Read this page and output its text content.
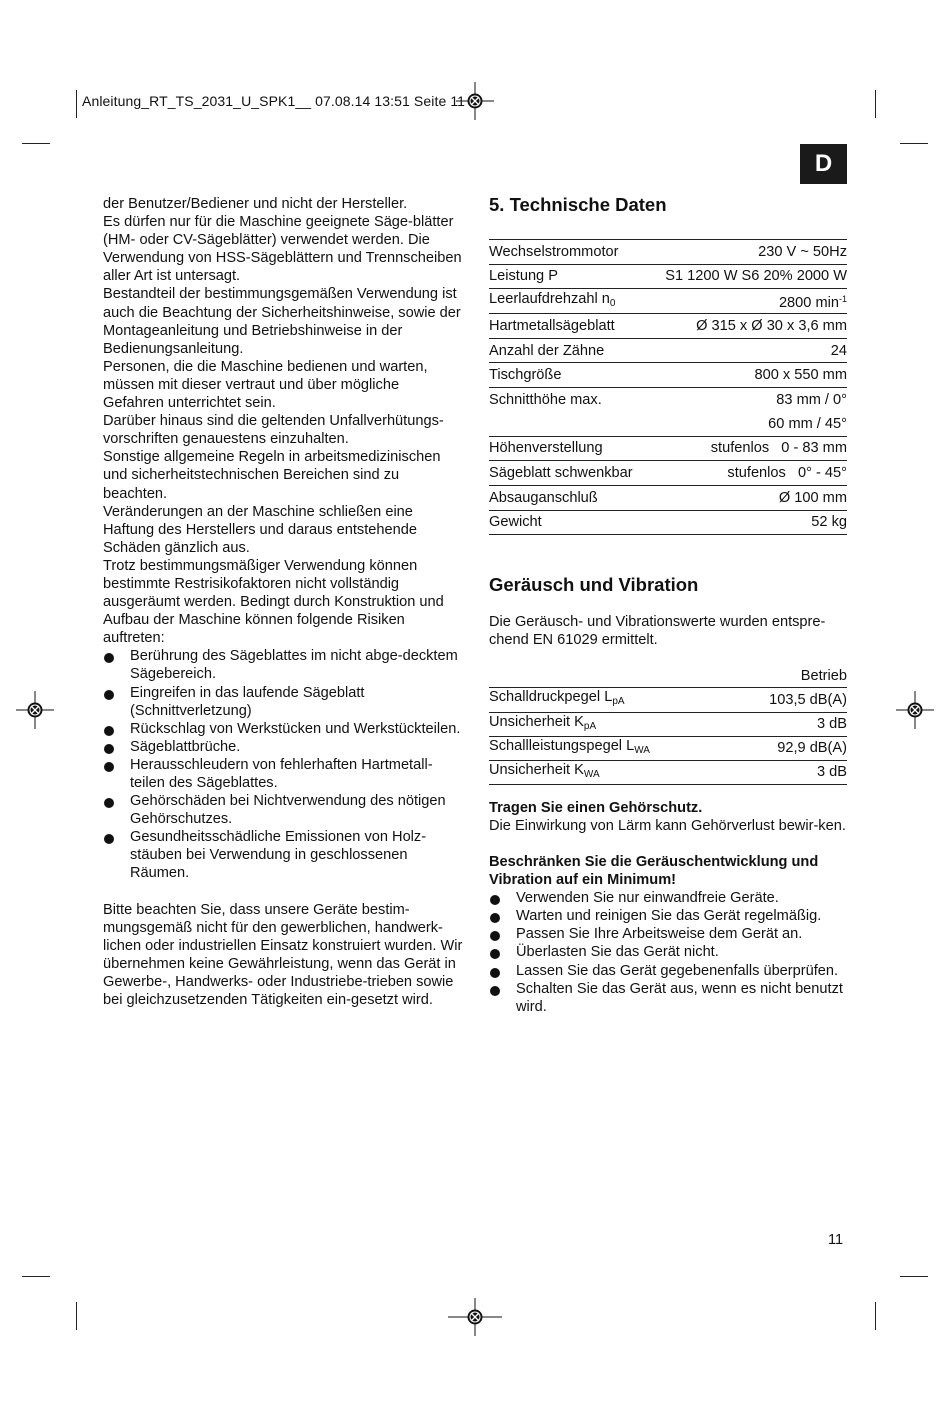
Anleitung_RT_TS_2031_U_SPK1__ 07.08.14 13:51 Seite 11
D

der Benutzer/Bediener und nicht der Hersteller.

Es dürfen nur für die Maschine geeignete Säge-blätter (HM- oder CV-Sägeblätter) verwendet werden. Die Verwendung von HSS-Sägeblättern und Trennscheiben aller Art ist untersagt.

Bestandteil der bestimmungsgemäßen Verwendung ist auch die Beachtung der Sicherheitshinweise, sowie der Montageanleitung und Betriebshinweise in der Bedienungsanleitung.

Personen, die die Maschine bedienen und warten, müssen mit dieser vertraut und über mögliche Gefahren unterrichtet sein.

Darüber hinaus sind die geltenden Unfallverhütungs-vorschriften genauestens einzuhalten.

Sonstige allgemeine Regeln in arbeitsmedizinischen und sicherheitstechnischen Bereichen sind zu beachten.

Veränderungen an der Maschine schließen eine Haftung des Herstellers und daraus entstehende Schäden gänzlich aus.

Trotz bestimmungsmäßiger Verwendung können bestimmte Restrisikofaktoren nicht vollständig ausgeräumt werden. Bedingt durch Konstruktion und Aufbau der Maschine können folgende Risiken auftreten:

Berührung des Sägeblattes im nicht abge-decktem Sägebereich.
Eingreifen in das laufende Sägeblatt (Schnittverletzung)
Rückschlag von Werkstücken und Werkstückteilen.
Sägeblattbrüche.
Herausschleudern von fehlerhaften Hartmetall-teilen des Sägeblattes.
Gehörschäden bei Nichtverwendung des nötigen Gehörschutzes.
Gesundheitsschädliche Emissionen von Holz-stäuben bei Verwendung in geschlossenen Räumen.

Bitte beachten Sie, dass unsere Geräte bestim-mungsgemäß nicht für den gewerblichen, handwerk-lichen oder industriellen Einsatz konstruiert wurden. Wir übernehmen keine Gewährleistung, wenn das Gerät in Gewerbe-, Handwerks- oder Industriebe-trieben sowie bei gleichzusetzenden Tätigkeiten ein-gesetzt wird.

5. Technische Daten
Wechselstrommotor	230 V ~ 50Hz
Leistung P	S1 1200 W S6 20% 2000 W
Leerlaufdrehzahl $n_0$	2800 $\min^{-1}$
Hartmetallsägeblatt	Ø 315 x Ø 30 x 3,6 mm
Anzahl der Zähne	24
Tischgröße	800 x 550 mm
Schnitthöhe max.	83 mm / 0°
	60 mm / 45°
Höhenverstellung	stufenlos   0 - 83 mm
Sägeblatt schwenkbar	stufenlos   0° - 45°
Absauganschluß	Ø 100 mm
Gewicht	52 kg
Geräusch und Vibration

Die Geräusch- und Vibrationswerte wurden entspre-chend EN 61029 ermittelt.

	Betrieb
Schalldruckpegel $L_{pA}$	103,5 dB(A)
Unsicherheit $K_{pA}$	3 dB
Schallleistungspegel $L_{WA}$	92,9 dB(A)
Unsicherheit $K_{WA}$	3 dB

Tragen Sie einen Gehörschutz.

Die Einwirkung von Lärm kann Gehörverlust bewir-ken.

Beschränken Sie die Geräuschentwicklung und Vibration auf ein Minimum!

Verwenden Sie nur einwandfreie Geräte.
Warten und reinigen Sie das Gerät regelmäßig.
Passen Sie Ihre Arbeitsweise dem Gerät an.
Überlasten Sie das Gerät nicht.
Lassen Sie das Gerät gegebenenfalls überprüfen.
Schalten Sie das Gerät aus, wenn es nicht benutzt wird.
11
